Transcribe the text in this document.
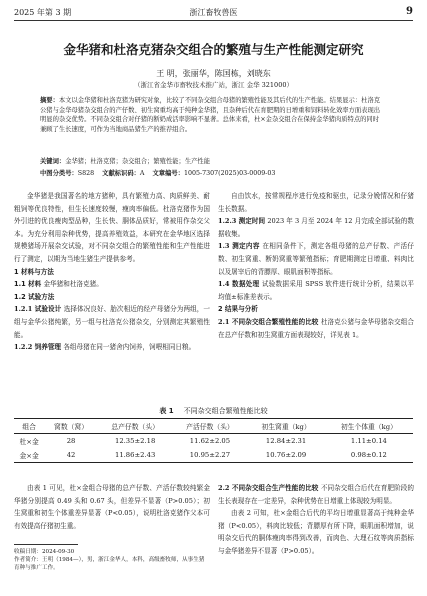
2025 年第 3 期	浙江畜牧兽医	9
金华猪和杜洛克猪杂交组合的繁殖与生产性能测定研究
王 明，张丽华，陈国栋，刘晓东
（浙江省金华市畜牧技术推广站，浙江 金华 321000）
摘要：本文以金华猪和杜洛克猪为研究对象，比较了不同杂交组合母猪的繁殖性能及其后代的生产性能。结果显示：杜洛克公猪与金华母猪杂交组合的产仔数、初生窝重均高于纯种金华猪，且杂种后代在育肥期的日增重和饲料转化效率方面表现出明显的杂交优势。不同杂交组合对仔猪的断奶成活率影响不显著。总体来看，杜×金杂交组合在保持金华猪肉质特点的同时兼顾了生长速度，可作为当地商品猪生产的推荐组合。
关键词：金华猪；杜洛克猪；杂交组合；繁殖性能；生产性能
中图分类号：S828 文献标识码：A 文章编号：1005-7307(2025)03-0009-03

金华猪是我国著名的地方猪种，具有繁殖力高、肉质鲜美、耐粗饲等优良特性，但生长速度较慢，瘦肉率偏低。杜洛克猪作为国外引进的优良瘦肉型品种，生长快、胴体品质好，常被用作杂交父本。为充分利用杂种优势，提高养殖效益，本研究在金华地区选择规模猪场开展杂交试验，对不同杂交组合的繁殖性能和生产性能进行了测定，以期为当地生猪生产提供参考。

1 材料与方法

1.1 材料 金华猪和杜洛克猪。

1.2 试验方法

1.2.1 试验设计 选择体况良好、胎次相近的经产母猪分为两组，一组与金华公猪纯繁，另一组与杜洛克公猪杂交，分别测定其繁殖性能。

1.2.2 饲养管理 各组母猪在同一猪舍内饲养，饲喂相同日粮。

自由饮水，按常规程序进行免疫和驱虫，记录分娩情况和仔猪生长数据。

1.2.3 测定时间 2023 年 3 月至 2024 年 12 月完成全部试验的数据收集。

1.3 测定内容 在相同条件下，测定各组母猪的总产仔数、产活仔数、初生窝重、断奶窝重等繁殖指标；育肥期测定日增重、料肉比以及屠宰后的背膘厚、眼肌面积等指标。

1.4 数据处理 试验数据采用 SPSS 软件进行统计分析，结果以平均值±标准差表示。

2 结果与分析

2.1 不同杂交组合繁殖性能的比较 杜洛克公猪与金华母猪杂交组合在总产仔数和初生窝重方面表现较好，详见表 1。

表 1 不同杂交组合繁殖性能比较
组合	窝数（窝）	总产仔数（头）	产活仔数（头）	初生窝重（kg）	初生个体重（kg）
杜×金	28	12.35±2.18	11.62±2.05	12.84±2.31	1.11±0.14
金×金	42	11.86±2.43	10.95±2.27	10.76±2.09	0.98±0.12

由表 1 可见，杜×金组合母猪的总产仔数、产活仔数较纯繁金华猪分别提高 0.49 头和 0.67 头，但差异不显著（P>0.05）；初生窝重和初生个体重差异显著（P<0.05），说明杜洛克猪作父本可有效提高仔猪初生重。

2.2 不同杂交组合生产性能的比较 不同杂交组合后代在育肥阶段的生长表现存在一定差异，杂种优势在日增重上体现较为明显。

由表 2 可知，杜×金组合后代的平均日增重显著高于纯种金华猪（P<0.05），料肉比较低；背膘厚有所下降，眼肌面积增加，说明杂交后代的胴体瘦肉率得到改善，而肉色、大理石纹等肉质指标与金华猪差异不显著（P>0.05）。

收稿日期：2024-09-30
作者简介：王明（1984—），男，浙江金华人，本科，高级畜牧师，从事生猪育种与推广工作。
